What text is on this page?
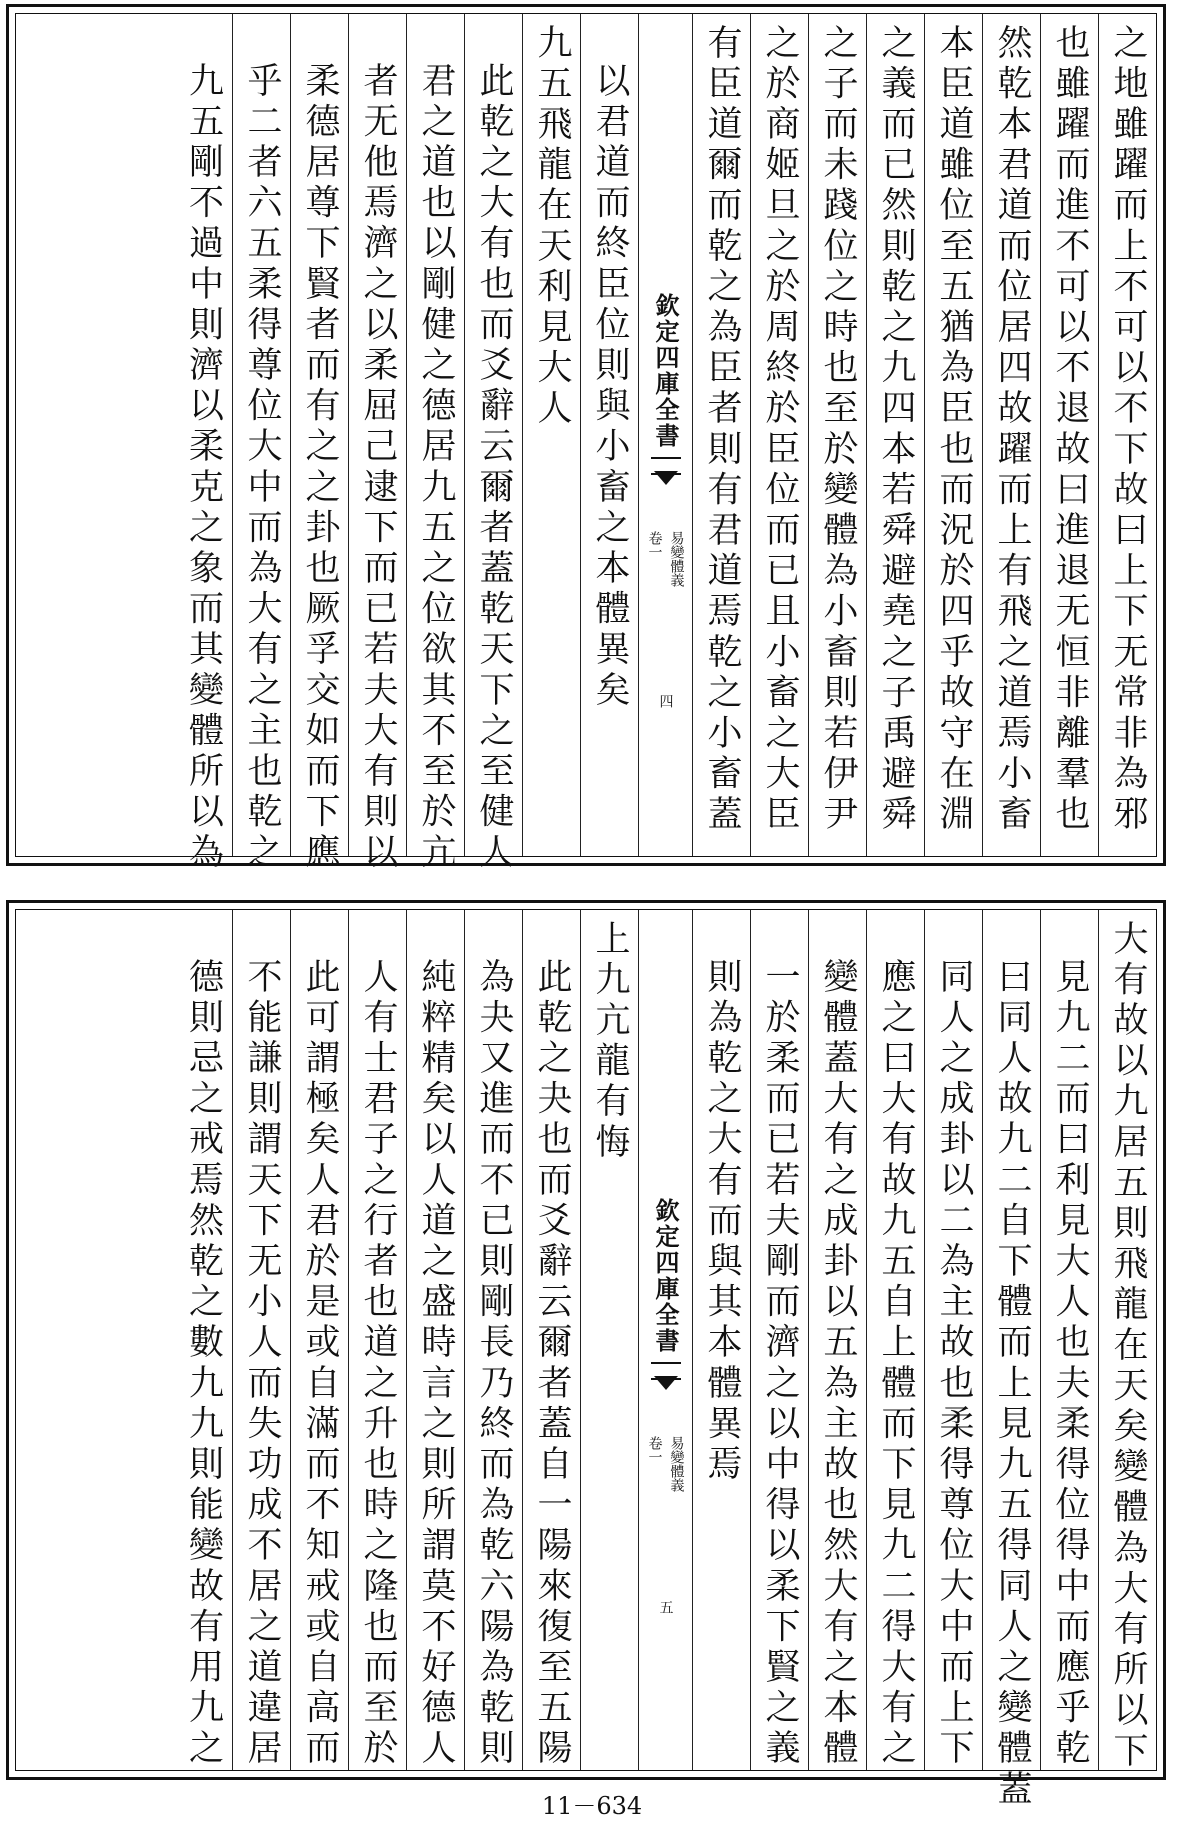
之地雖躍而上不可以不下故曰上下无常非為邪
也雖躍而進不可以不退故曰進退无恒非離羣也
然乾本君道而位居四故躍而上有飛之道焉小畜
本臣道雖位至五猶為臣也而況於四乎故守在淵
之義而已然則乾之九四本若舜避堯之子禹避舜
之子而未踐位之時也至於變體為小畜則若伊尹
之於商姬旦之於周終於臣位而已且小畜之大臣
有臣道爾而乾之為臣者則有君道焉乾之小畜蓋
欽定四庫全書
易變體義
卷一
四
以君道而終臣位則與小畜之本體異矣
九五飛龍在天利見大人
此乾之大有也而爻辭云爾者蓋乾天下之至健人
君之道也以剛健之德居九五之位欲其不至於亢
者无他焉濟之以柔屈己逮下而已若夫大有則以
柔德居尊下賢者而有之之卦也厥孚交如而下應
乎二者六五柔得尊位大中而為大有之主也乾之
九五剛不過中則濟以柔克之象而其變體所以為
大有故以九居五則飛龍在天矣變體為大有所以下
見九二而曰利見大人也夫柔得位得中而應乎乾
曰同人故九二自下體而上見九五得同人之變體蓋
同人之成卦以二為主故也柔得尊位大中而上下
應之曰大有故九五自上體而下見九二得大有之
變體蓋大有之成卦以五為主故也然大有之本體
一於柔而已若夫剛而濟之以中得以柔下賢之義
則為乾之大有而與其本體異焉
欽定四庫全書
易變體義
卷一
五
上九亢龍有悔
此乾之夬也而爻辭云爾者蓋自一陽來復至五陽
為夬又進而不已則剛長乃終而為乾六陽為乾則
純粹精矣以人道之盛時言之則所謂莫不好德人
人有士君子之行者也道之升也時之隆也而至於
此可謂極矣人君於是或自滿而不知戒或自高而
不能謙則謂天下无小人而失功成不居之道違居
德則忌之戒焉然乾之數九九則能變故有用九之
11－634
